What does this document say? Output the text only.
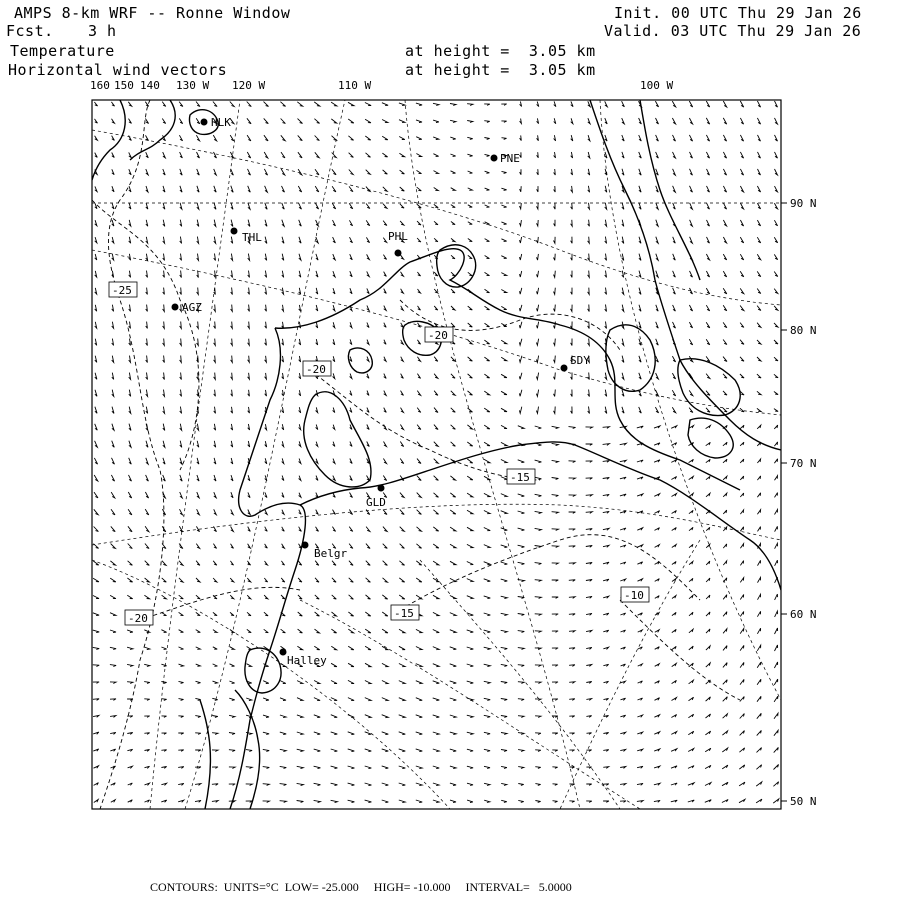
AMPS 8-km WRF -- Ronne Window
Fcst. 3 h
Init. 00 UTC Thu 29 Jan 26
Valid. 03 UTC Thu 29 Jan 26
Temperature
Horizontal wind vectors
at height =  3.05 km
at height =  3.05 km
160 150 140 130 W 120 W	110 W	100 W
90 N
80 N
70 N
60 N
50 N
HLK
PNE
THL	PHL
AGZ
SDY
GLD
Belgr
Halley
-25
-20
-20
-15
-15
-10
-20
CONTOURS:  UNITS=°C  LOW= -25.000     HIGH= -10.000     INTERVAL=   5.0000
